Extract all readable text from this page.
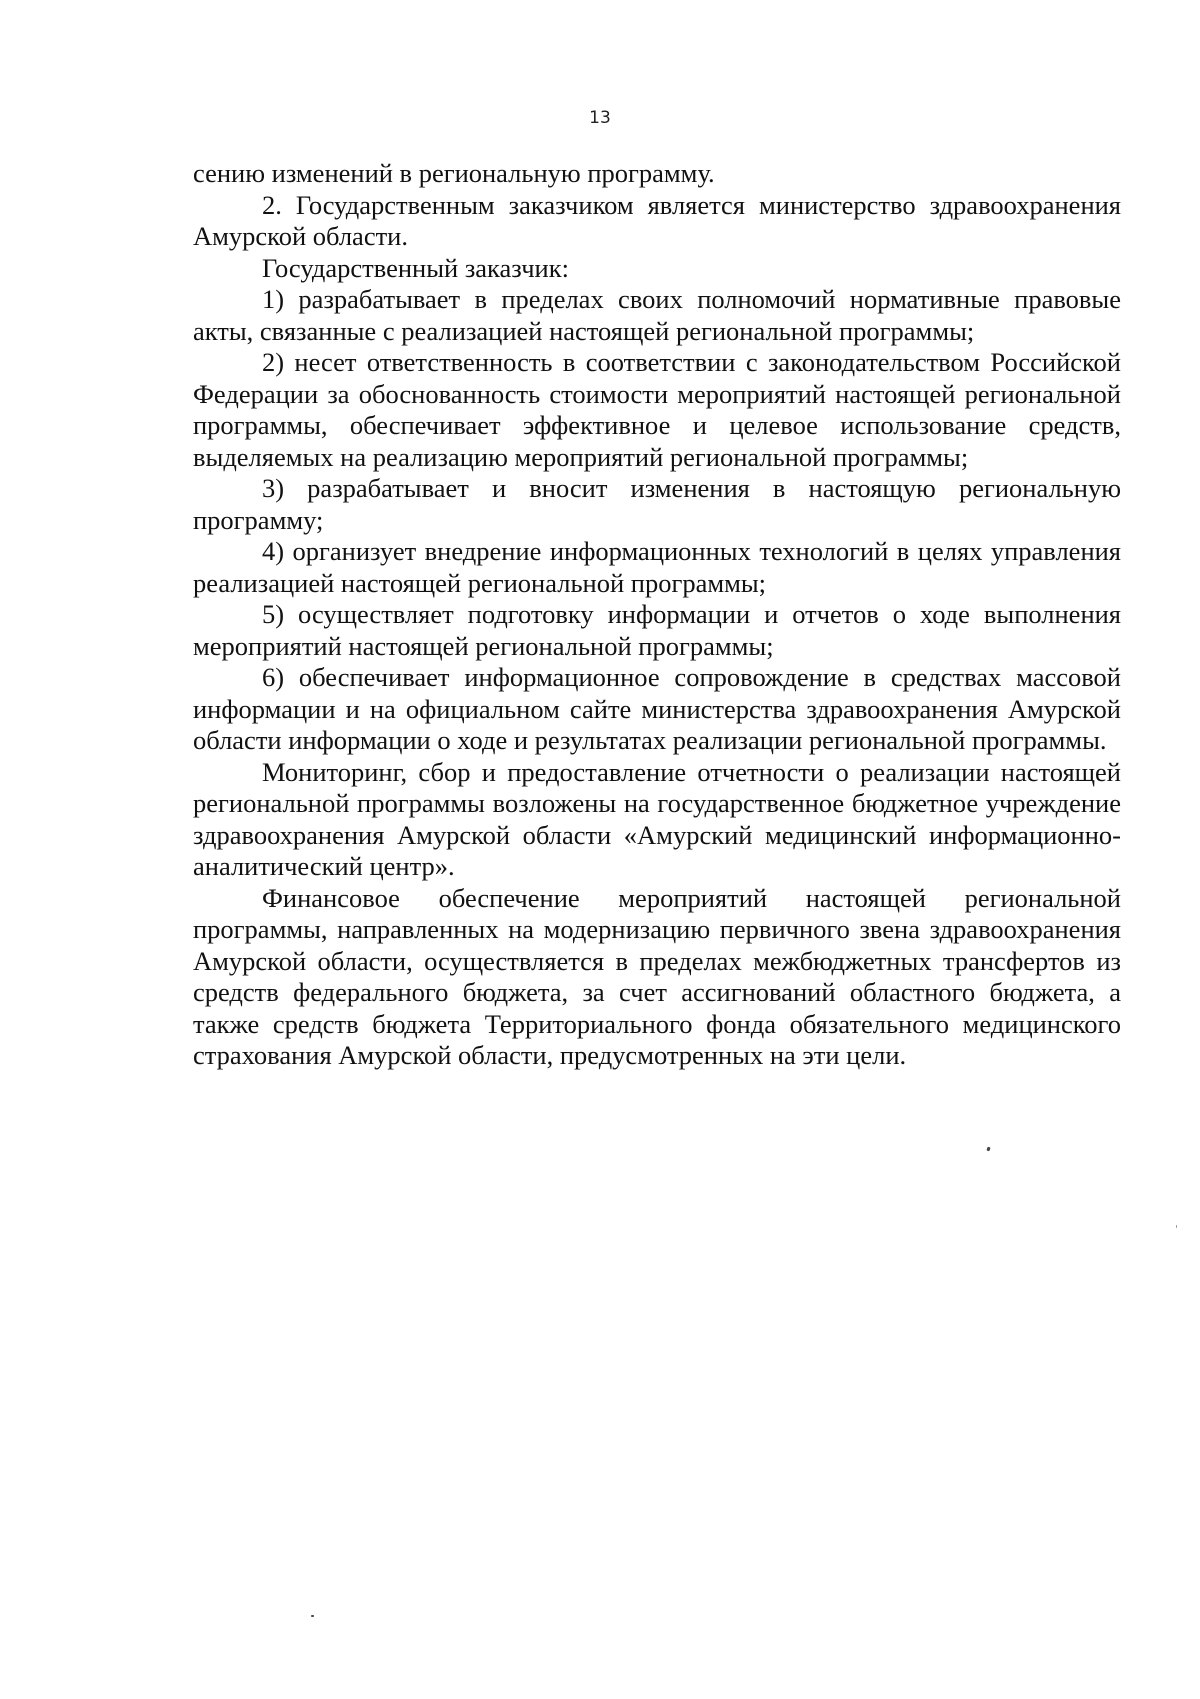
13

сению изменений в региональную программу.

2. Государственным заказчиком является министерство здравоохранения Амурской области.

Государственный заказчик:

1) разрабатывает в пределах своих полномочий нормативные правовые акты, связанные с реализацией настоящей региональной программы;

2) несет ответственность в соответствии с законодательством Российской Федерации за обоснованность стоимости мероприятий настоящей региональной программы, обеспечивает эффективное и целевое использование средств, выделяемых на реализацию мероприятий региональной программы;

3) разрабатывает и вносит изменения в настоящую региональную программу;

4) организует внедрение информационных технологий в целях управления реализацией настоящей региональной программы;

5) осуществляет подготовку информации и отчетов о ходе выполнения мероприятий настоящей региональной программы;

6) обеспечивает информационное сопровождение в средствах массовой информации и на официальном сайте министерства здравоохранения Амурской области информации о ходе и результатах реализации региональной программы.

Мониторинг, сбор и предоставление отчетности о реализации настоящей региональной программы возложены на государственное бюджетное учреждение здравоохранения Амурской области «Амурский медицинский информационно-аналитический центр».

Финансовое обеспечение мероприятий настоящей региональной программы, направленных на модернизацию первичного звена здравоохранения Амурской области, осуществляется в пределах межбюджетных трансфертов из средств федерального бюджета, за счет ассигнований областного бюджета, а также средств бюджета Территориального фонда обязательного медицинского страхования Амурской области, предусмотренных на эти цели.
